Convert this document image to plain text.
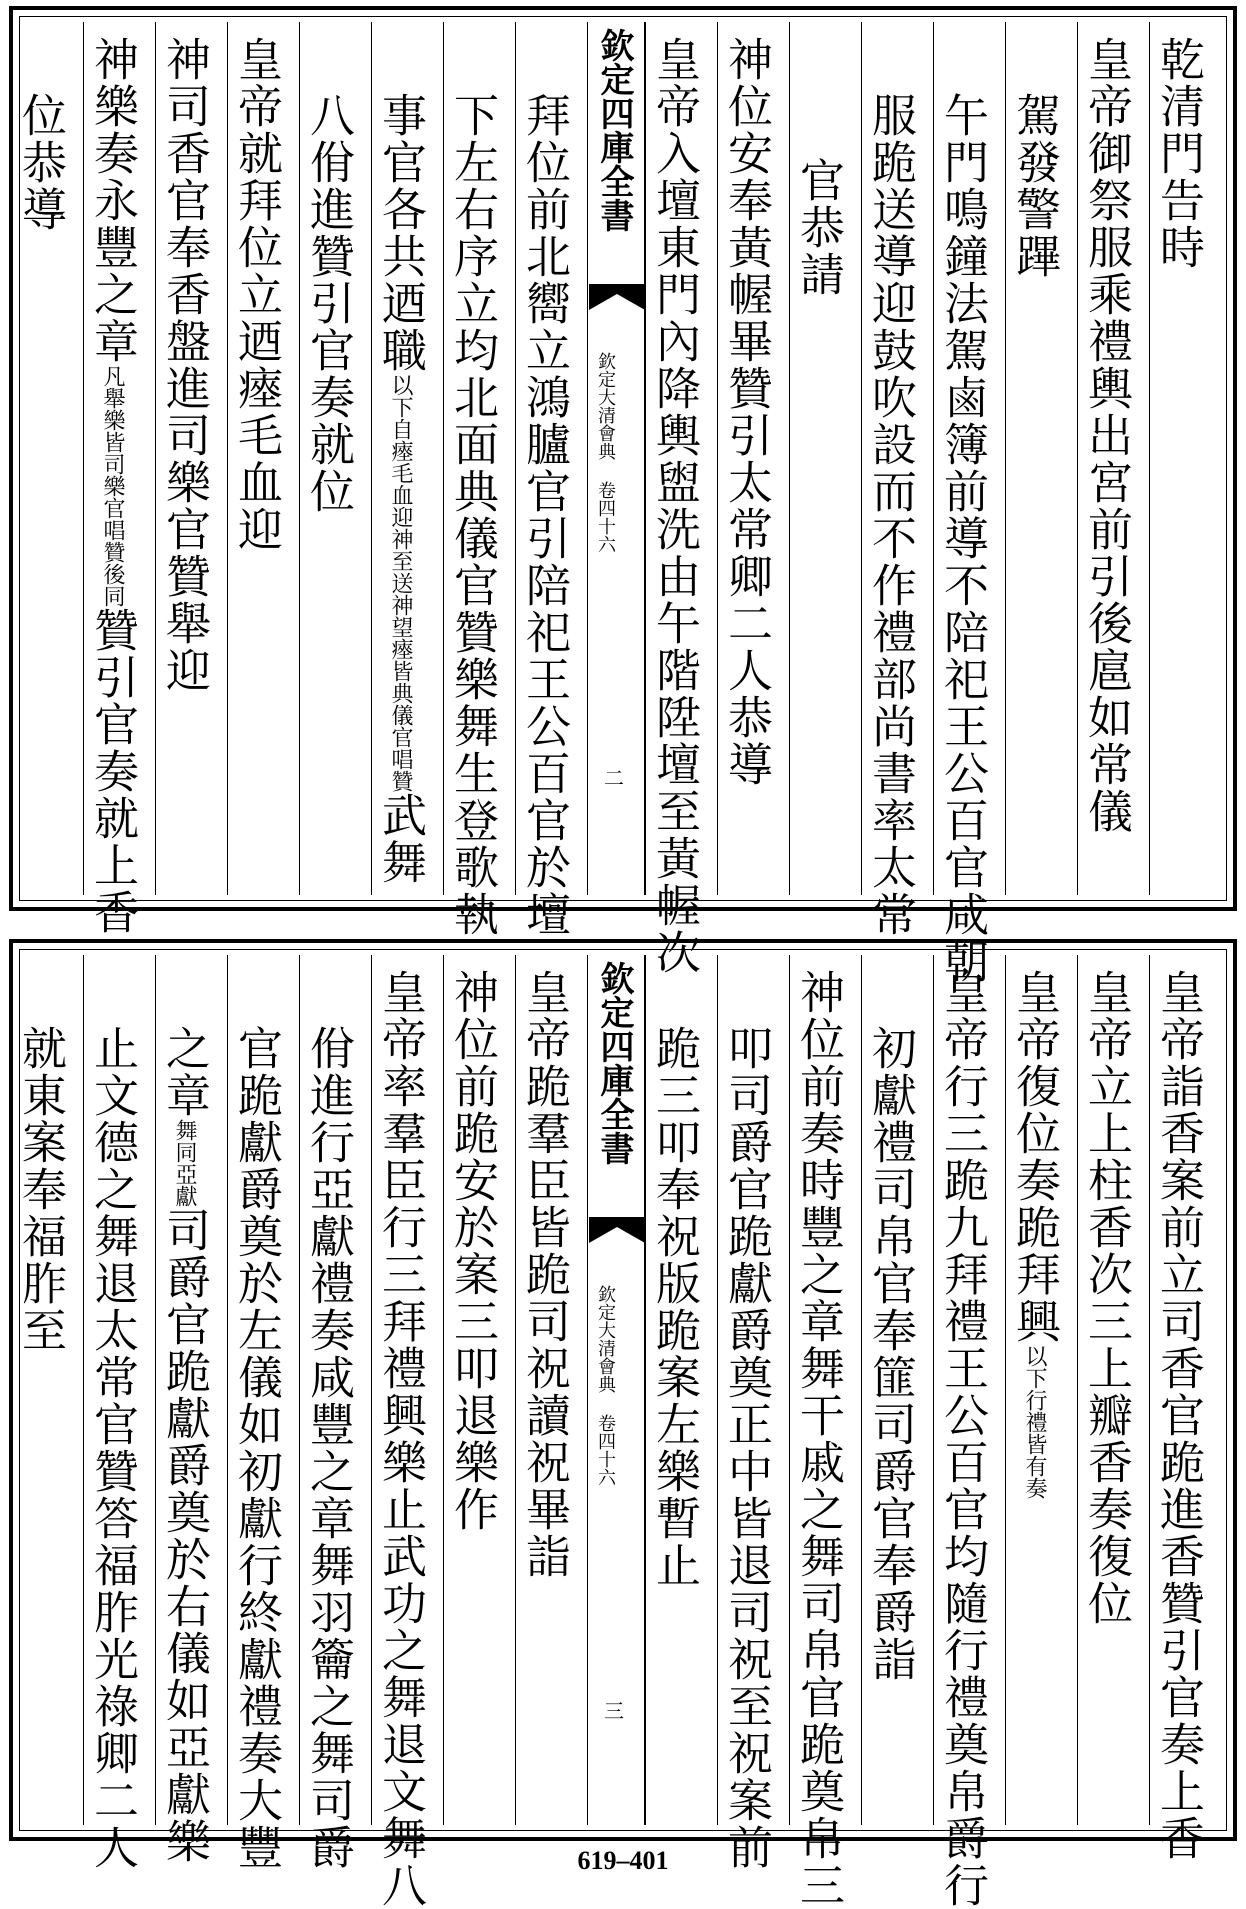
乾清門告時
皇帝御祭服乘禮輿出宮前引後扈如常儀
駕發警蹕
午門鳴鐘法駕鹵簿前導不陪祀王公百官咸朝
服跪送導迎鼓吹設而不作禮部尚書率太常
官恭請
神位安奉黃幄畢贊引太常卿二人恭導
皇帝入壇東門內降輿盥洗由午階陞壇至黃幄次
欽定四庫全書
欽定大清會典 卷四十六
二
拜位前北嚮立鴻臚官引陪祀王公百官於壇
下左右序立均北面典儀官贊樂舞生登歌執
事官各共迺職以下自瘞毛血迎神至送神望瘞皆典儀官唱贊武舞
八佾進贊引官奏就位
皇帝就拜位立迺瘞毛血迎
神司香官奉香盤進司樂官贊舉迎
神樂奏永豐之章凡舉樂皆司樂官唱贊後同贊引官奏就上香
位恭導
皇帝詣香案前立司香官跪進香贊引官奏上香
皇帝立上柱香次三上瓣香奏復位
皇帝復位奏跪拜興以下行禮皆有奏
皇帝行三跪九拜禮王公百官均隨行禮奠帛爵行
初獻禮司帛官奉篚司爵官奉爵詣
神位前奏時豐之章舞干戚之舞司帛官跪奠帛三
叩司爵官跪獻爵奠正中皆退司祝至祝案前
跪三叩奉祝版跪案左樂暫止
欽定四庫全書
欽定大清會典 卷四十六
三
皇帝跪羣臣皆跪司祝讀祝畢詣
神位前跪安於案三叩退樂作
皇帝率羣臣行三拜禮興樂止武功之舞退文舞八
佾進行亞獻禮奏咸豐之章舞羽籥之舞司爵
官跪獻爵奠於左儀如初獻行終獻禮奏大豐
之章舞同亞獻司爵官跪獻爵奠於右儀如亞獻樂
止文德之舞退太常官贊答福胙光祿卿二人
就東案奉福胙至
619–401
